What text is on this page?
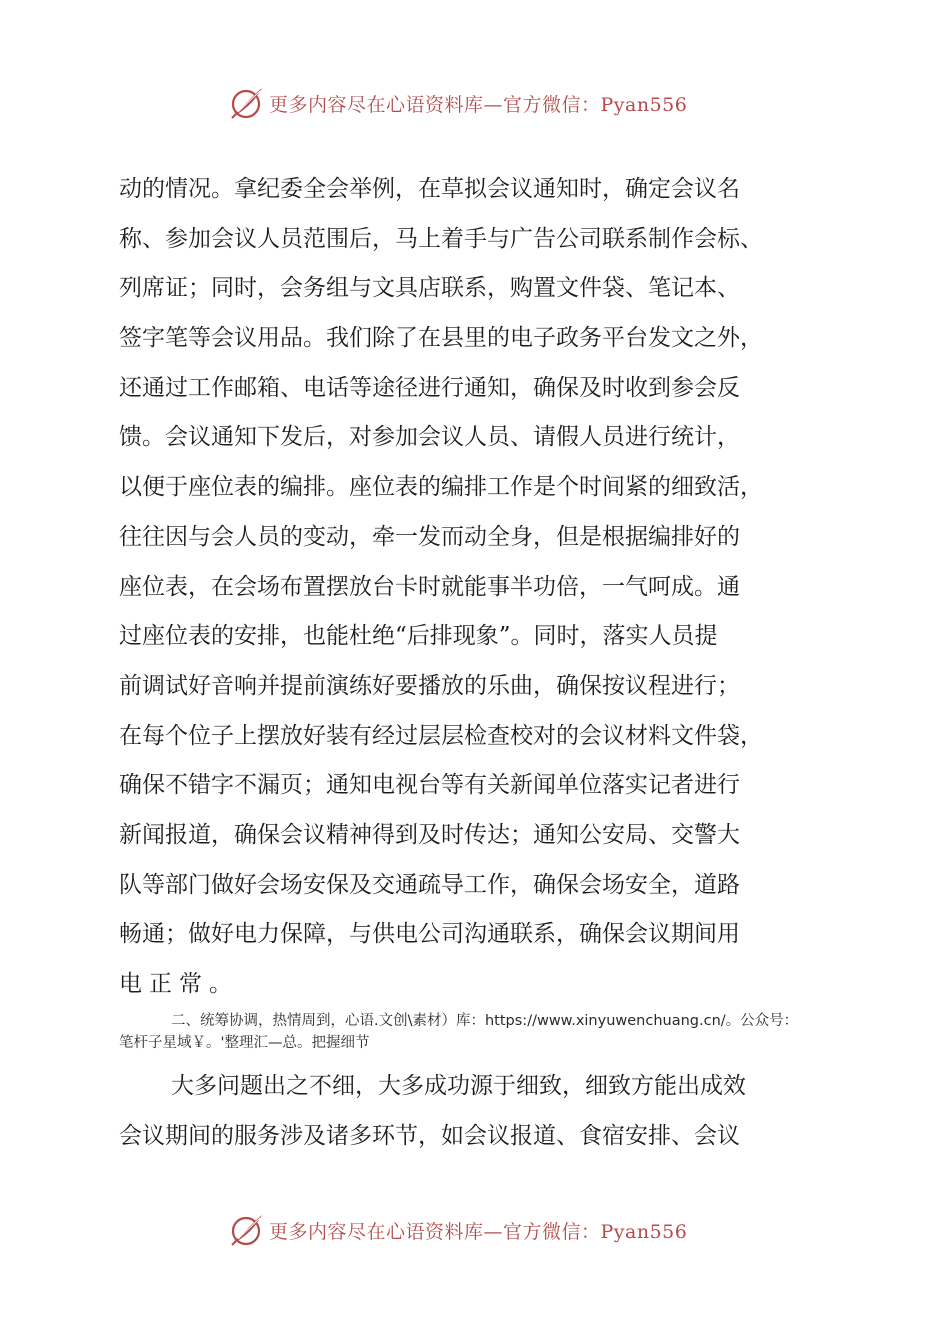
更多内容尽在心语资料库—官方微信：Pyan556
动的情况。拿纪委全会举例，在草拟会议通知时，确定会议名
称、参加会议人员范围后，马上着手与广告公司联系制作会标、
列席证；同时，会务组与文具店联系，购置文件袋、笔记本、
签字笔等会议用品。我们除了在县里的电子政务平台发文之外，
还通过工作邮箱、电话等途径进行通知，确保及时收到参会反
馈。会议通知下发后，对参加会议人员、请假人员进行统计，
以便于座位表的编排。座位表的编排工作是个时间紧的细致活，
往往因与会人员的变动，牵一发而动全身，但是根据编排好的
座位表，在会场布置摆放台卡时就能事半功倍，一气呵成。通
过座位表的安排，也能杜绝“后排现象”。同时，落实人员提
前调试好音响并提前演练好要播放的乐曲，确保按议程进行；
在每个位子上摆放好装有经过层层检查校对的会议材料文件袋，
确保不错字不漏页；通知电视台等有关新闻单位落实记者进行
新闻报道，确保会议精神得到及时传达；通知公安局、交警大
队等部门做好会场安保及交通疏导工作，确保会场安全，道路
畅通；做好电力保障，与供电公司沟通联系，确保会议期间用
电正常。
二、统筹协调，热情周到，心语.文创\素材）库：https://www.xinyuwenchuang.cn/。公众号：
笔杆子星域￥。'整理汇—总。把握细节
大多问题出之不细，大多成功源于细致，细致方能出成效
会议期间的服务涉及诸多环节，如会议报道、食宿安排、会议
更多内容尽在心语资料库—官方微信：Pyan556
